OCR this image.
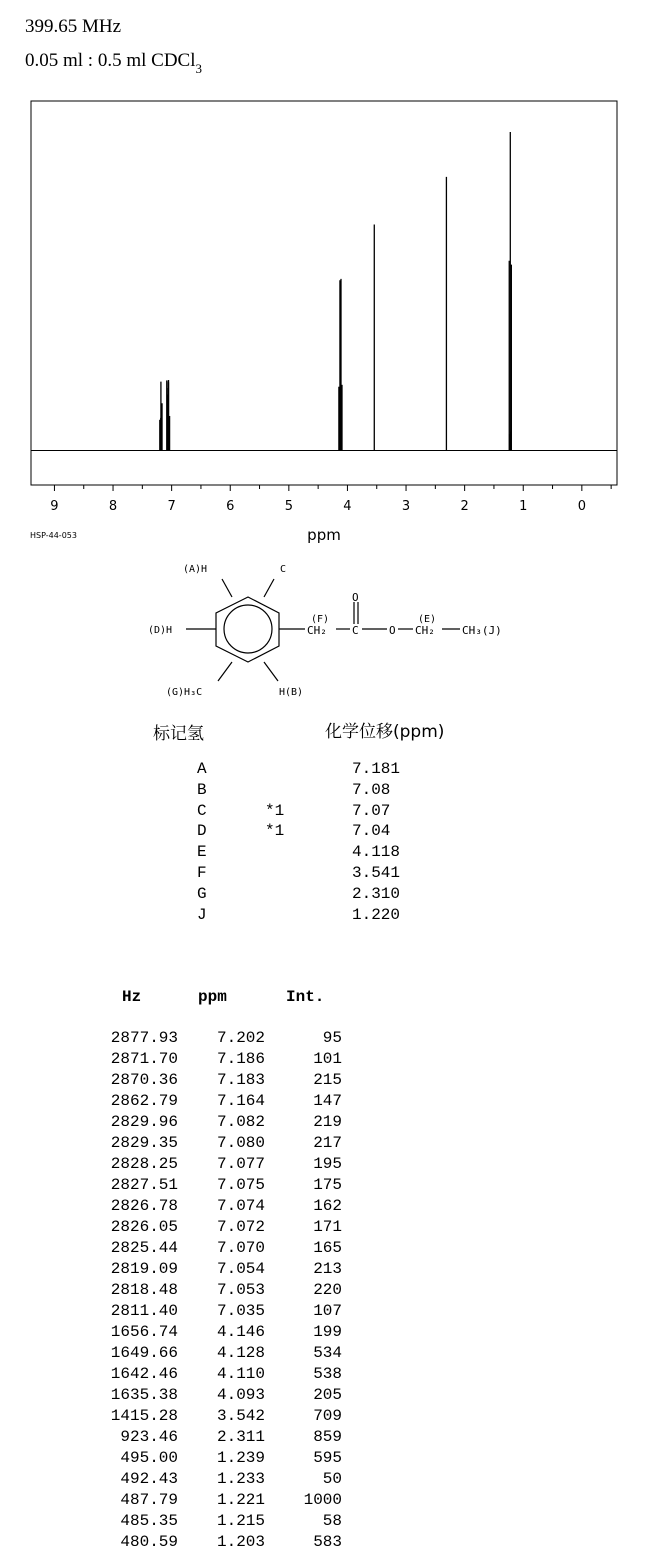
399.65 MHz
0.05 ml : 0.5 ml CDCl$_3$
9	8	7	6	5	4	3	2	1	0
ppm
HSP-44-053
(A)H	C
(D)H
(G)H₃C	H(B)
(F)
CH₂
O
C	O
(E)
CH₂ CH₃(J)
标记氢	化学位移(ppm)
A	7.181
B	7.08
C	*1	7.07
D	*1	7.04
E	4.118
F	3.541
G	2.310
J	1.220
Hz	ppm	Int.
2877.93	7.202	95
2871.70	7.186	101
2870.36	7.183	215
2862.79	7.164	147
2829.96	7.082	219
2829.35	7.080	217
2828.25	7.077	195
2827.51	7.075	175
2826.78	7.074	162
2826.05	7.072	171
2825.44	7.070	165
2819.09	7.054	213
2818.48	7.053	220
2811.40	7.035	107
1656.74	4.146	199
1649.66	4.128	534
1642.46	4.110	538
1635.38	4.093	205
1415.28	3.542	709
923.46	2.311	859
495.00	1.239	595
492.43	1.233	50
487.79	1.221	1000
485.35	1.215	58
480.59	1.203	583
